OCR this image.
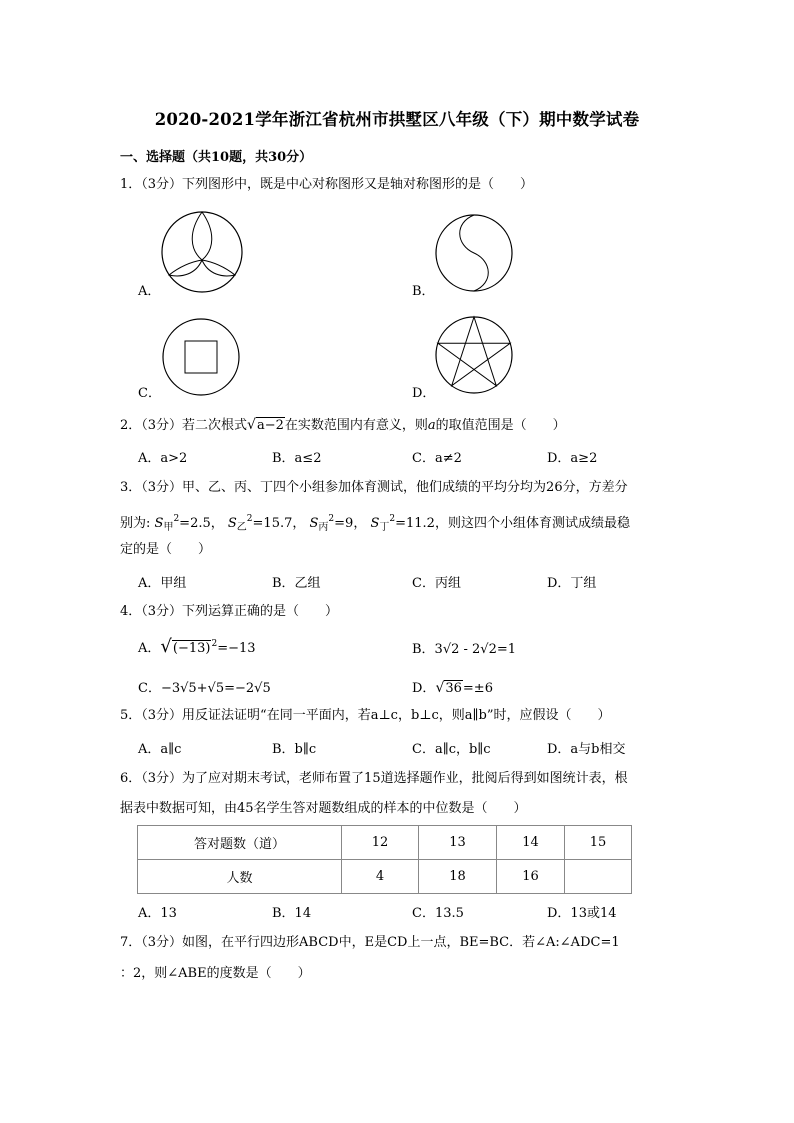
2020-2021学年浙江省杭州市拱墅区八年级（下）期中数学试卷
一、选择题（共10题，共30分）
1．（3分）下列图形中，既是中心对称图形又是轴对称图形的是（　　）
A．	B．
C．	D．
2．（3分）若二次根式√a−2在实数范围内有意义，则a的取值范围是（　　）
A．a>2	B．a≤2	C．a≠2	D．a≥2
3．（3分）甲、乙、丙、丁四个小组参加体育测试，他们成绩的平均分均为26分，方差分
别为: $S_甲^2=2.5$， $S_乙^2=15.7$， $S_丙^2=9$， $S_丁^2=11.2$，则这四个小组体育测试成绩最稳
定的是（　　）
A．甲组	B．乙组	C．丙组	D．丁组
4．（3分）下列运算正确的是（　　）
A．$√(-13)^2=-13$	B．3√2 - 2√2=1
C．−3√5+√5=−2√5	D．√36=±6
5．（3分）用反证法证明“在同一平面内，若a⊥c，b⊥c，则a∥b”时，应假设（　　）
A．a∥c	B．b∥c	C．a∥c，b∥c	D．a与b相交
6．（3分）为了应对期末考试，老师布置了15道选择题作业，批阅后得到如图统计表，根
据表中数据可知，由45名学生答对题数组成的样本的中位数是（　　）
答对题数（道）	12	13	14	15
人数	4	18	16	
A．13	B．14	C．13.5	D．13或14
7．（3分）如图，在平行四边形ABCD中，E是CD上一点，BE=BC．若∠A:∠ADC=1
：2，则∠ABE的度数是（　　）
